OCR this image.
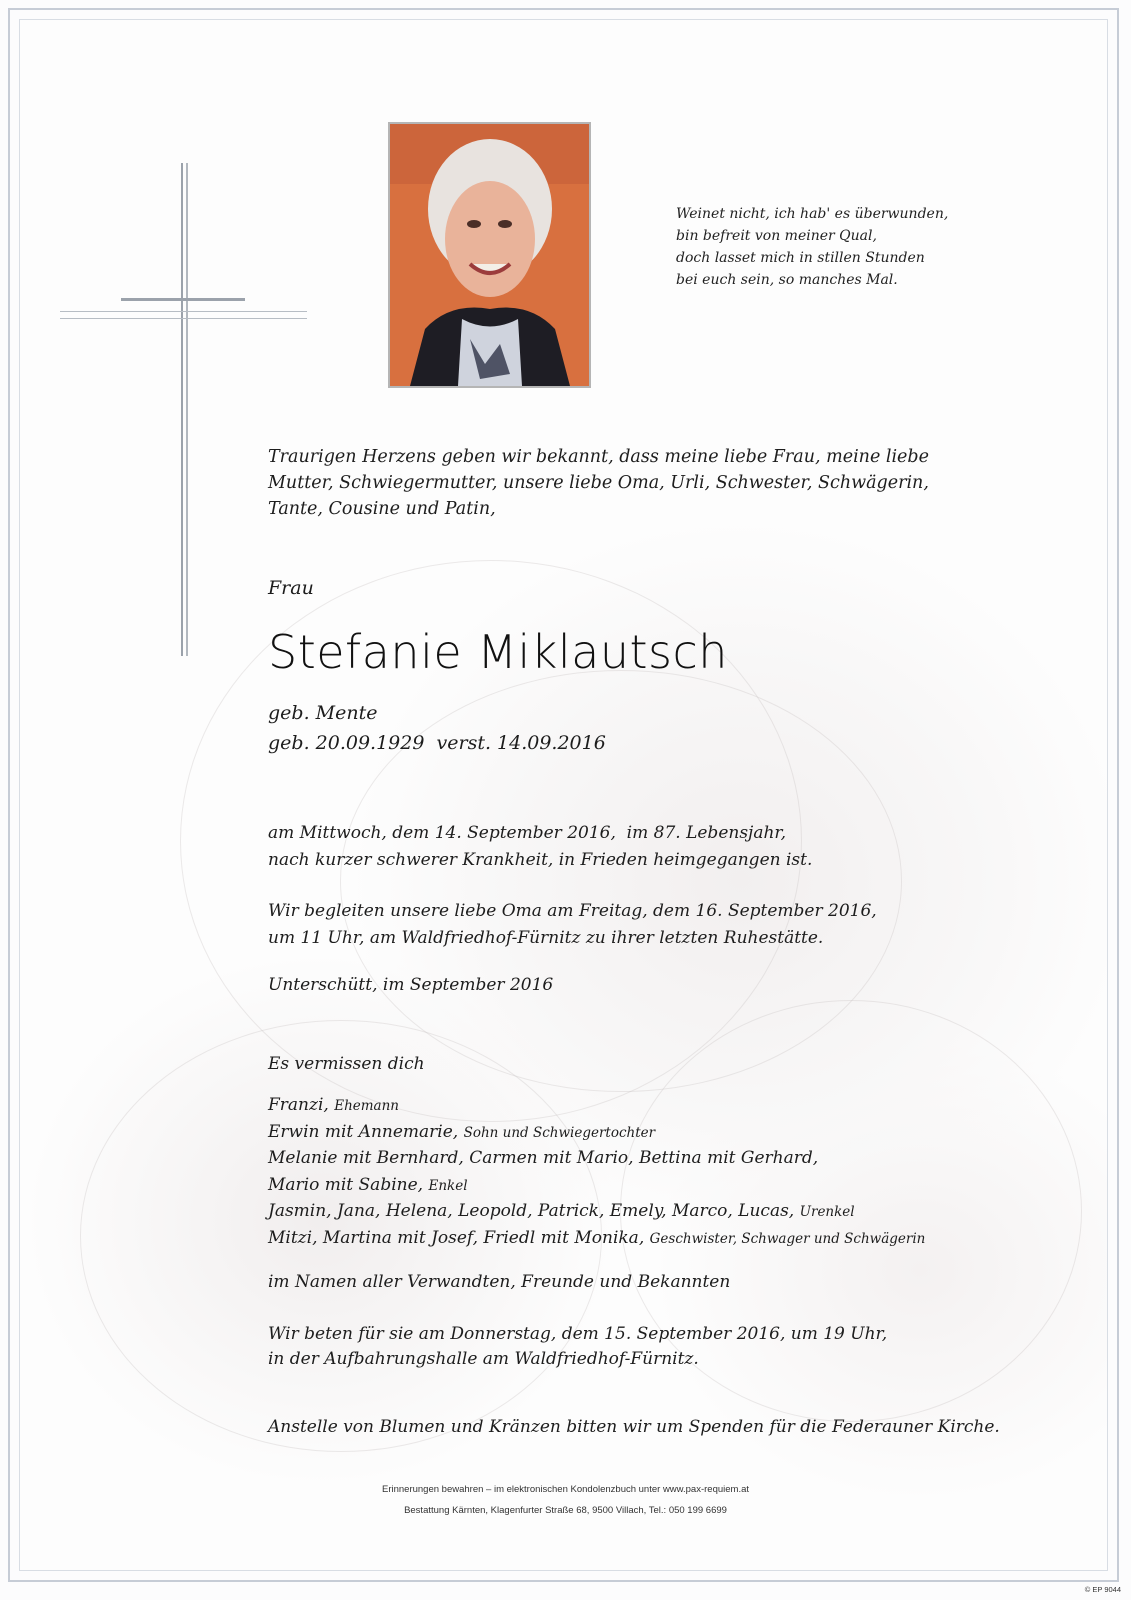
Weinet nicht, ich hab' es überwunden,
bin befreit von meiner Qual,
doch lasset mich in stillen Stunden
bei euch sein, so manches Mal.
Traurigen Herzens geben wir bekannt, dass meine liebe Frau, meine liebe
Mutter, Schwiegermutter, unsere liebe Oma, Urli, Schwester, Schwägerin,
Tante, Cousine und Patin,
Frau
Stefanie Miklautsch
geb. Mente
geb. 20.09.1929  verst. 14.09.2016
am Mittwoch, dem 14. September 2016,  im 87. Lebensjahr,
nach kurzer schwerer Krankheit, in Frieden heimgegangen ist.
Wir begleiten unsere liebe Oma am Freitag, dem 16. September 2016,
um 11 Uhr, am Waldfriedhof-Fürnitz zu ihrer letzten Ruhestätte.
Unterschütt, im September 2016
Es vermissen dich
Franzi, Ehemann
Erwin mit Annemarie, Sohn und Schwiegertochter
Melanie mit Bernhard, Carmen mit Mario, Bettina mit Gerhard,
Mario mit Sabine, Enkel
Jasmin, Jana, Helena, Leopold, Patrick, Emely, Marco, Lucas, Urenkel
Mitzi, Martina mit Josef, Friedl mit Monika, Geschwister, Schwager und Schwägerin
im Namen aller Verwandten, Freunde und Bekannten
Wir beten für sie am Donnerstag, dem 15. September 2016, um 19 Uhr,
in der Aufbahrungshalle am Waldfriedhof-Fürnitz.
Anstelle von Blumen und Kränzen bitten wir um Spenden für die Federauner Kirche.
Erinnerungen bewahren – im elektronischen Kondolenzbuch unter www.pax-requiem.at
Bestattung Kärnten, Klagenfurter Straße 68, 9500 Villach, Tel.: 050 199 6699
© EP 9044
